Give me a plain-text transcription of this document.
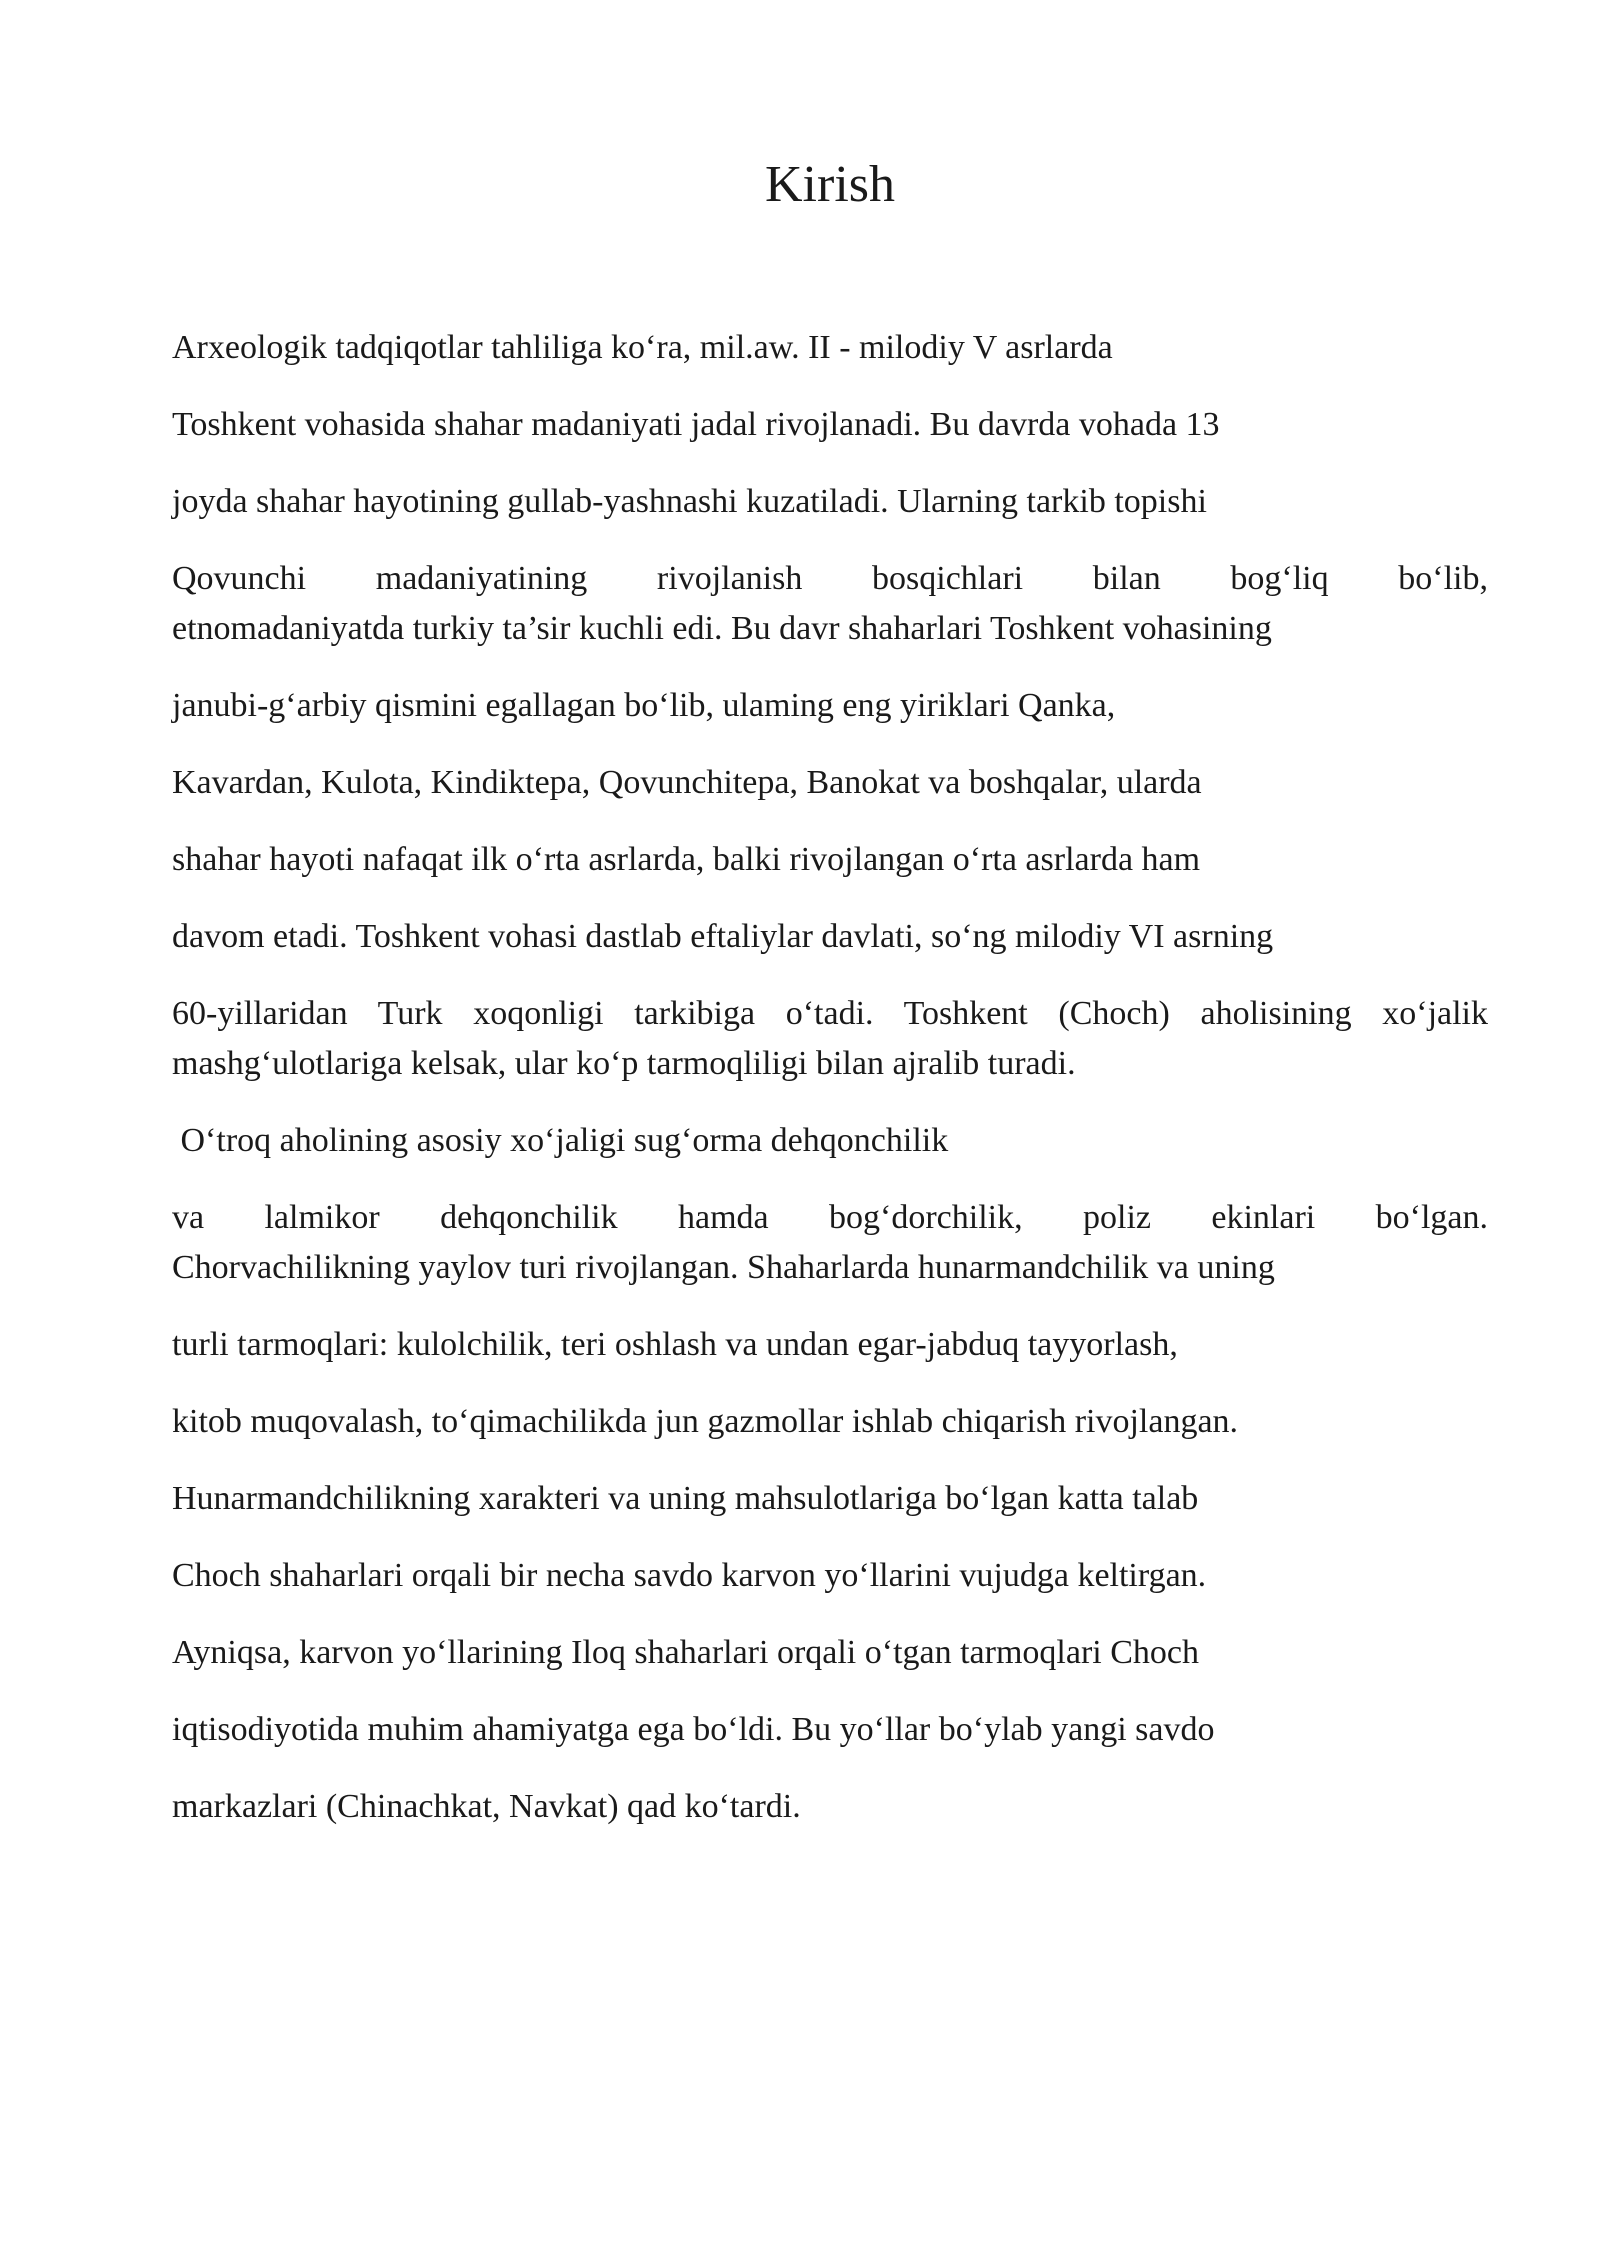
Kirish

Arxeologik tadqiqotlar tahliliga ko‘ra, mil.aw. II - milodiy V asrlarda

Toshkent vohasida shahar madaniyati jadal rivojlanadi. Bu davrda vohada 13

joyda shahar hayotining gullab-yashnashi kuzatiladi. Ularning tarkib topishi

Qovunchi madaniyatining rivojlanish bosqichlari bilan bog‘liq bo‘lib,

etnomadaniyatda turkiy ta’sir kuchli edi. Bu davr shaharlari Toshkent vohasining

janubi-g‘arbiy qismini egallagan bo‘lib, ulaming eng yiriklari Qanka,

Kavardan, Kulota, Kindiktepa, Qovunchitepa, Banokat va boshqalar, ularda

shahar hayoti nafaqat ilk o‘rta asrlarda, balki rivojlangan o‘rta asrlarda ham

davom etadi. Toshkent vohasi dastlab eftaliylar davlati, so‘ng milodiy VI asrning

60-yillaridan Turk xoqonligi tarkibiga o‘tadi. Toshkent (Choch) aholisining xo‘jalik

mashg‘ulotlariga kelsak, ular ko‘p tarmoqliligi bilan ajralib turadi.

O‘troq aholining asosiy xo‘jaligi sug‘orma dehqonchilik

va lalmikor dehqonchilik hamda bog‘dorchilik, poliz ekinlari bo‘lgan.

Chorvachilikning yaylov turi rivojlangan. Shaharlarda hunarmandchilik va uning

turli tarmoqlari: kulolchilik, teri oshlash va undan egar-jabduq tayyorlash,

kitob muqovalash, to‘qimachilikda jun gazmollar ishlab chiqarish rivojlangan.

Hunarmandchilikning xarakteri va uning mahsulotlariga bo‘lgan katta talab

Choch shaharlari orqali bir necha savdo karvon yo‘llarini vujudga keltirgan.

Ayniqsa, karvon yo‘llarining Iloq shaharlari orqali o‘tgan tarmoqlari Choch

iqtisodiyotida muhim ahamiyatga ega bo‘ldi. Bu yo‘llar bo‘ylab yangi savdo

markazlari (Chinachkat, Navkat) qad ko‘tardi.
